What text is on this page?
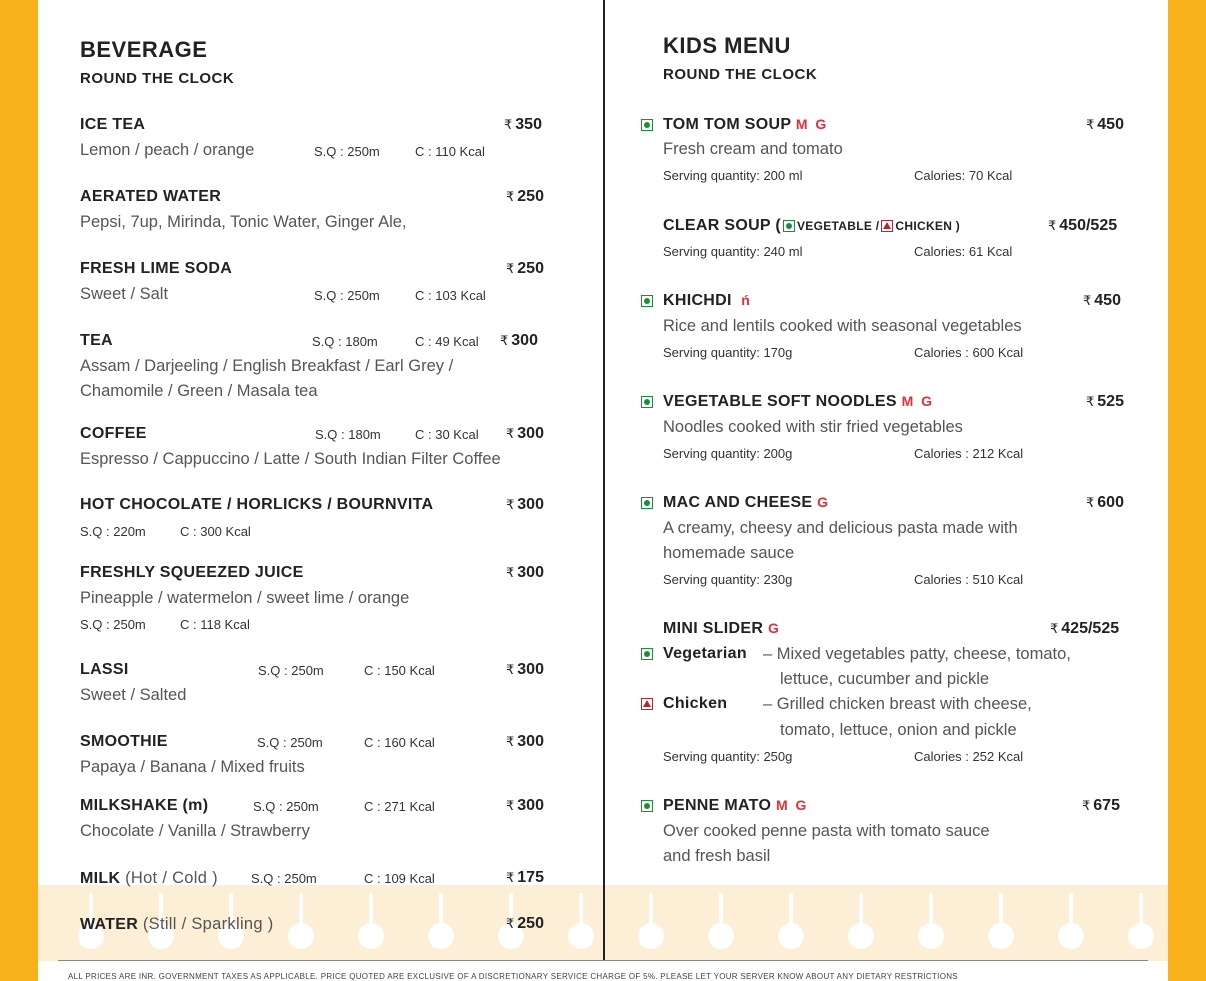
BEVERAGE
ROUND THE CLOCK
ICE TEA	₹ 350
Lemon / peach / orange	S.Q : 250m	C : 110 Kcal
AERATED WATER	₹ 250
Pepsi, 7up, Mirinda, Tonic Water, Ginger Ale,
FRESH LIME SODA	₹ 250
Sweet / Salt	S.Q : 250m	C : 103 Kcal
TEA	S.Q : 180m	C : 49 Kcal ₹ 300
Assam / Darjeeling / English Breakfast / Earl Grey /
Chamomile / Green / Masala tea
COFFEE	S.Q : 180m	C : 30 Kcal ₹ 300
Espresso / Cappuccino / Latte / South Indian Filter Coffee
HOT CHOCOLATE / HORLICKS / BOURNVITA	₹ 300
S.Q : 220m	C : 300 Kcal
FRESHLY SQUEEZED JUICE	₹ 300
Pineapple / watermelon / sweet lime / orange
S.Q : 250m	C : 118 Kcal
LASSI	S.Q : 250m	C : 150 Kcal	₹ 300
Sweet / Salted
SMOOTHIE	S.Q : 250m	C : 160 Kcal	₹ 300
Papaya / Banana / Mixed fruits
MILKSHAKE (m)	S.Q : 250m	C : 271 Kcal	₹ 300
Chocolate / Vanilla / Strawberry
MILK (Hot / Cold )	S.Q : 250m	C : 109 Kcal	₹ 175
WATER (Still / Sparkling )	₹ 250
KIDS MENU
ROUND THE CLOCK
TOM TOM SOUP M G	₹ 450
Fresh cream and tomato
Serving quantity: 200 ml	Calories: 70 Kcal
CLEAR SOUP ( VEGETABLE / CHICKEN )	₹ 450/525
Serving quantity: 240 ml	Calories: 61 Kcal
KHICHDI ń	₹ 450
Rice and lentils cooked with seasonal vegetables
Serving quantity: 170g	Calories : 600 Kcal
VEGETABLE SOFT NOODLES M G	₹ 525
Noodles cooked with stir fried vegetables
Serving quantity: 200g	Calories : 212 Kcal
MAC AND CHEESE G	₹ 600
A creamy, cheesy and delicious pasta made with
homemade sauce
Serving quantity: 230g	Calories : 510 Kcal
MINI SLIDER G	₹ 425/525
Vegetarian – Mixed vegetables patty, cheese, tomato,
lettuce, cucumber and pickle
Chicken – Grilled chicken breast with cheese,
tomato, lettuce, onion and pickle
Serving quantity: 250g	Calories : 252 Kcal
PENNE MATO M G	₹ 675
Over cooked penne pasta with tomato sauce
and fresh basil
ALL PRICES ARE INR. GOVERNMENT TAXES AS APPLICABLE. PRICE QUOTED ARE EXCLUSIVE OF A DISCRETIONARY SERVICE CHARGE OF 5%. PLEASE LET YOUR SERVER KNOW ABOUT ANY DIETARY RESTRICTIONS
